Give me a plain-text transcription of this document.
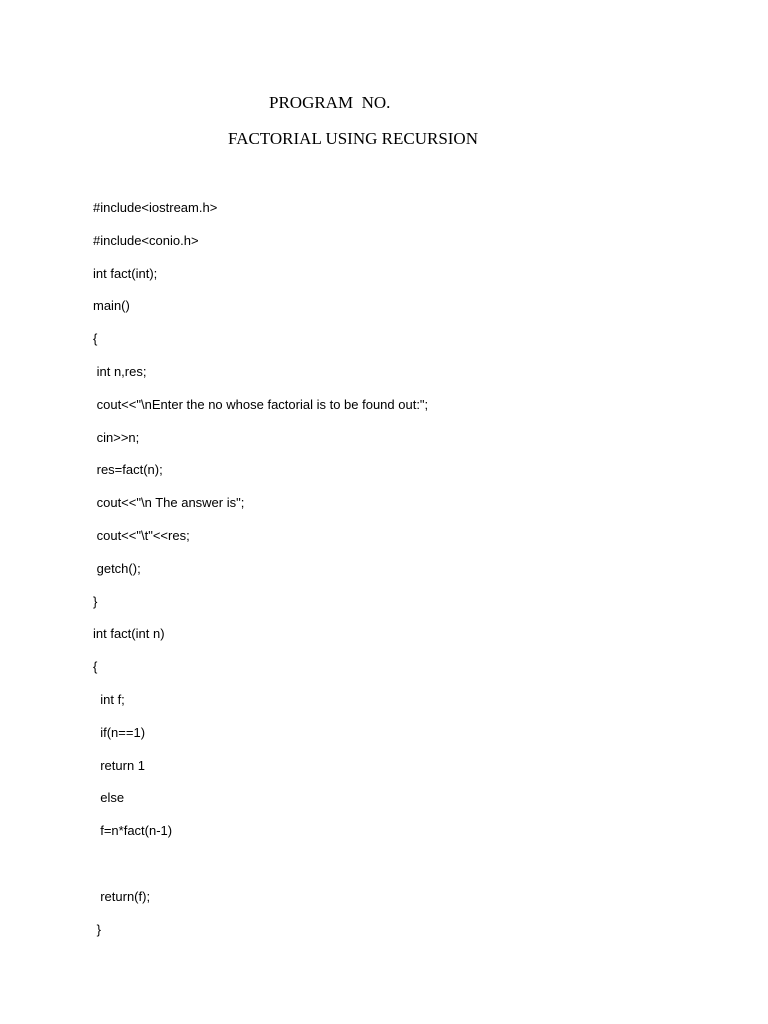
PROGRAM  NO.
FACTORIAL USING RECURSION
#include<iostream.h>
#include<conio.h>
int fact(int);
main()
{
int n,res;
cout<<"\nEnter the no whose factorial is to be found out:";
cin>>n;
res=fact(n);
cout<<"\n The answer is";
cout<<"\t"<<res;
getch();
}
int fact(int n)
{
int f;
if(n==1)
return 1
else
f=n*fact(n-1)
return(f);
}
